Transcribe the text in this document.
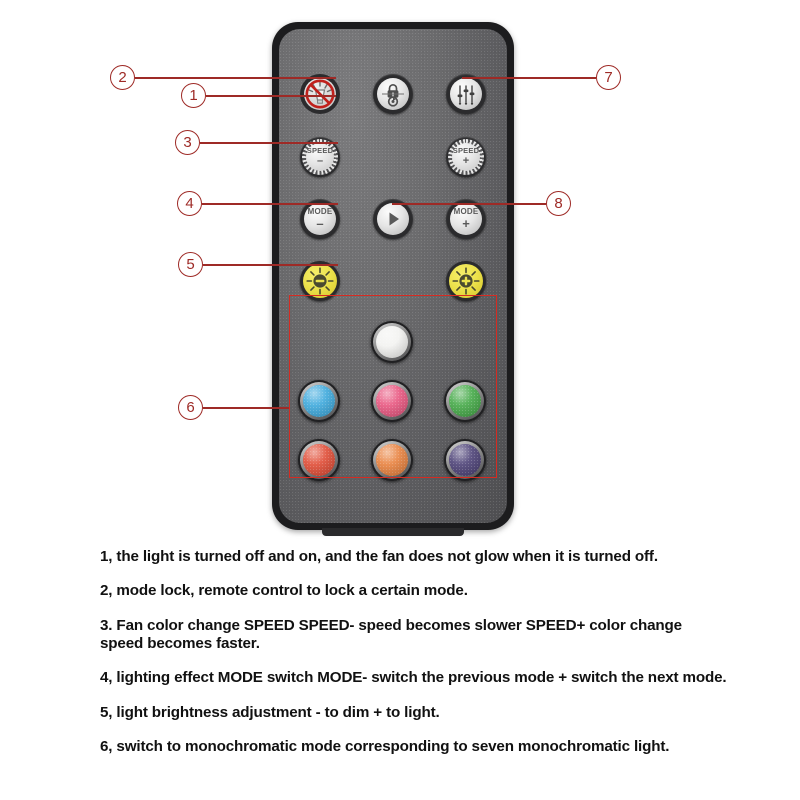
SPEED
–
SPEED
+
MODE
–
MODE
+
2
1
3
4
5
6
7
8
1, the light is turned off and on, and the fan does not glow when it is turned off.
2, mode lock, remote control to lock a certain mode.
3. Fan color change SPEED SPEED- speed becomes slower SPEED+ color change speed becomes faster.
4, lighting effect MODE switch MODE- switch the previous mode + switch the next mode.
5, light brightness adjustment - to dim + to light.
6, switch to monochromatic mode corresponding to seven monochromatic light.
